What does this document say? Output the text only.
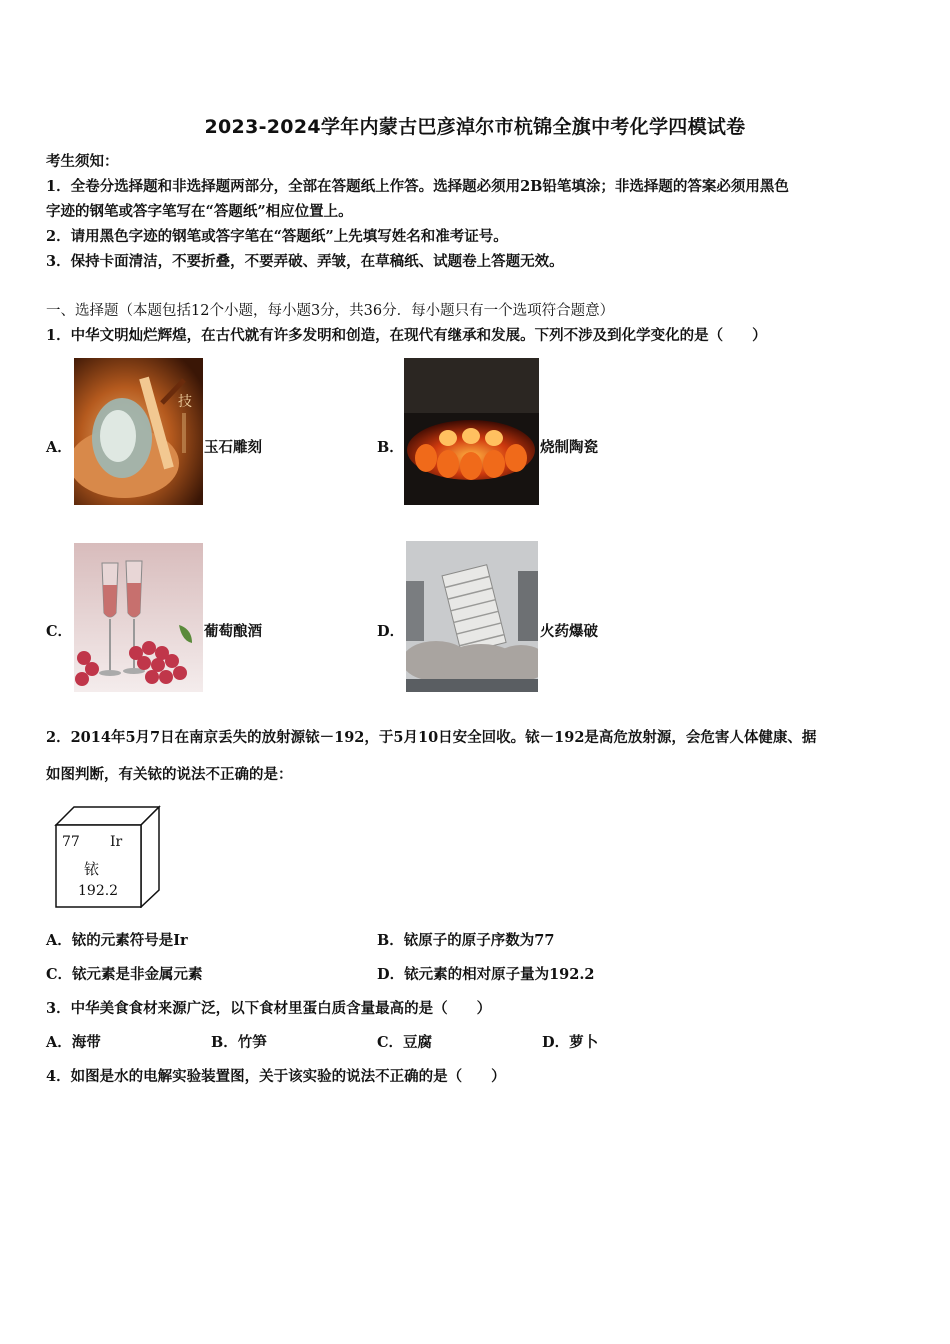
2023-2024学年内蒙古巴彦淖尔市杭锦全旗中考化学四模试卷
考生须知：
1．全卷分选择题和非选择题两部分，全部在答题纸上作答。选择题必须用2B铅笔填涂；非选择题的答案必须用黑色
字迹的钢笔或答字笔写在“答题纸”相应位置上。
2．请用黑色字迹的钢笔或答字笔在“答题纸”上先填写姓名和准考证号。
3．保持卡面清洁，不要折叠，不要弄破、弄皱，在草稿纸、试题卷上答题无效。
一、选择题（本题包括12个小题，每小题3分，共36分．每小题只有一个选项符合题意）
1．中华文明灿烂辉煌，在古代就有许多发明和创造，在现代有继承和发展。下列不涉及到化学变化的是（　　）
A．
技
玉石雕刻	B．	烧制陶瓷
C．	葡萄酿酒	D．	火药爆破
2．2014年5月7日在南京丢失的放射源铱－192，于5月10日安全回收。铱－192是高危放射源，会危害人体健康、据
如图判断，有关铱的说法不正确的是：
77 Ir
铱
192.2
A．铱的元素符号是Ir	B．铱原子的原子序数为77
C．铱元素是非金属元素	D．铱元素的相对原子量为192.2
3．中华美食食材来源广泛，以下食材里蛋白质含量最高的是（　　）
A．海带	B．竹笋	C．豆腐	D．萝卜
4．如图是水的电解实验装置图，关于该实验的说法不正确的是（　　）
